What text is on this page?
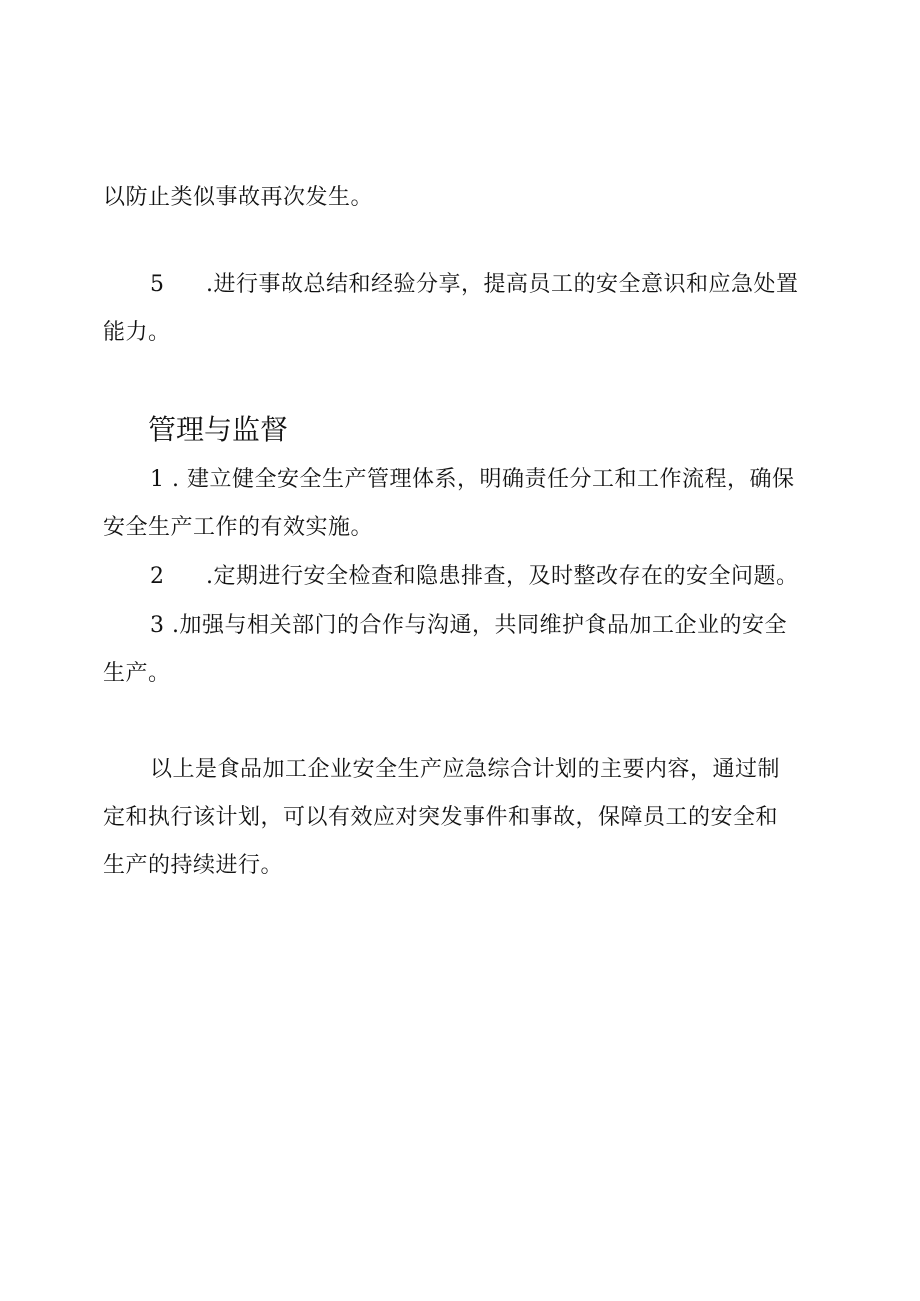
以防止类似事故再次发生。
5 .进行事故总结和经验分享，提高员工的安全意识和应急处置
能力。
管理与监督
1 . 建立健全安全生产管理体系，明确责任分工和工作流程，确保
安全生产工作的有效实施。
2 .定期进行安全检查和隐患排查，及时整改存在的安全问题。
3 .加强与相关部门的合作与沟通，共同维护食品加工企业的安全
生产。
以上是食品加工企业安全生产应急综合计划的主要内容，通过制
定和执行该计划，可以有效应对突发事件和事故，保障员工的安全和
生产的持续进行。
